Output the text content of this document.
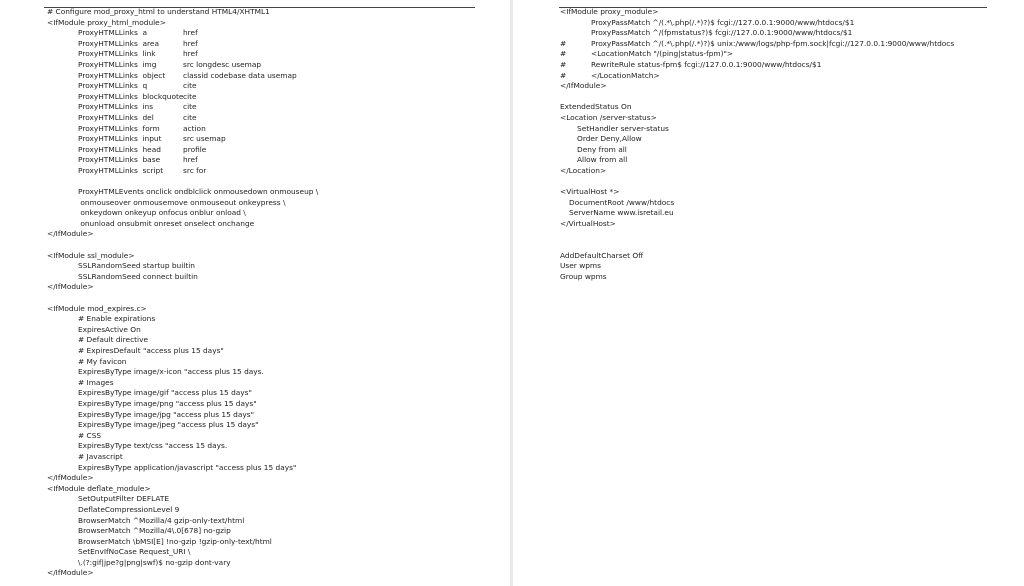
# Configure mod_proxy_html to understand HTML4/XHTML1
<IfModule proxy_html_module>
ProxyHTMLLinks  a	href
ProxyHTMLLinks  area	href
ProxyHTMLLinks  link	href
ProxyHTMLLinks  img	src longdesc usemap
ProxyHTMLLinks  object classid codebase data usemap
ProxyHTMLLinks  q	cite
ProxyHTMLLinks  blockquote cite
ProxyHTMLLinks  ins	cite
ProxyHTMLLinks  del	cite
ProxyHTMLLinks  form	action
ProxyHTMLLinks  input	src usemap
ProxyHTMLLinks  head	profile
ProxyHTMLLinks  base	href
ProxyHTMLLinks  script	src for
ProxyHTMLEvents onclick ondblclick onmousedown onmouseup \
onmouseover onmousemove onmouseout onkeypress \
onkeydown onkeyup onfocus onblur onload \
onunload onsubmit onreset onselect onchange
</IfModule>
<IfModule ssl_module>
SSLRandomSeed startup builtin
SSLRandomSeed connect builtin
</IfModule>
<IfModule mod_expires.c>
# Enable expirations
ExpiresActive On
# Default directive
# ExpiresDefault "access plus 15 days"
# My favicon
ExpiresByType image/x-icon "access plus 15 days.
# Images
ExpiresByType image/gif "access plus 15 days"
ExpiresByType image/png "access plus 15 days"
ExpiresByType image/jpg "access plus 15 days"
ExpiresByType image/jpeg "access plus 15 days"
# CSS
ExpiresByType text/css "access 15 days.
# Javascript
ExpiresByType application/javascript "access plus 15 days"
</IfModule>
<IfModule deflate_module>
SetOutputFilter DEFLATE
DeflateCompressionLevel 9
BrowserMatch ^Mozilla/4 gzip-only-text/html
BrowserMatch ^Mozilla/4\.0[678] no-gzip
BrowserMatch \bMSI[E] !no-gzip !gzip-only-text/html
SetEnvIfNoCase Request_URI \
\.(?:gif|jpe?g|png|swf)$ no-gzip dont-vary
</IfModule>
<IfModule proxy_module>
ProxyPassMatch ^/(.*\.php(/.*)?)$ fcgi://127.0.0.1:9000/www/htdocs/$1
ProxyPassMatch ^/(fpmstatus?)$ fcgi://127.0.0.1:9000/www/htdocs/$1
#	ProxyPassMatch ^/(.*\.php(/.*)?)$ unix:/www/logs/php-fpm.sock|fcgi://127.0.0.1:9000/www/htdocs
#	<LocationMatch "/(ping|status-fpm)">
#	RewriteRule status-fpm$ fcgi://127.0.0.1:9000/www/htdocs/$1
#	</LocationMatch>
</IfModule>
ExtendedStatus On
<Location /server-status>
SetHandler server-status
Order Deny,Allow
Deny from all
Allow from all
</Location>
<VirtualHost *>
DocumentRoot /www/htdocs
ServerName www.isretail.eu
</VirtualHost>
AddDefaultCharset Off
User wpms
Group wpms
